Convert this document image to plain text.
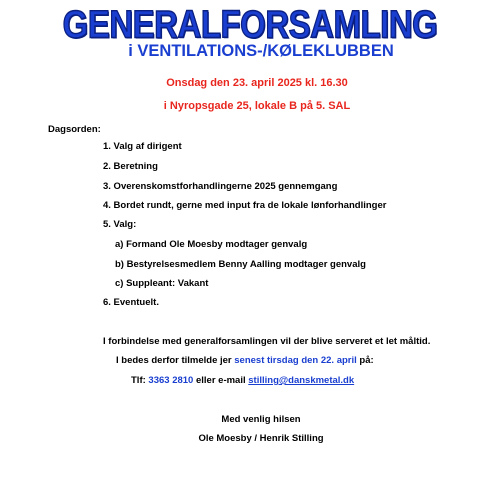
GENERALFORSAMLING
i VENTILATIONS-/KØLEKLUBBEN
Onsdag den 23. april 2025 kl. 16.30
i Nyropsgade 25, lokale B på 5. SAL
Dagsorden:
1. Valg af dirigent
2. Beretning
3. Overenskomstforhandlingerne 2025 gennemgang
4. Bordet rundt, gerne med input fra de lokale lønforhandlinger
5. Valg:
a) Formand Ole Moesby modtager genvalg
b) Bestyrelsesmedlem Benny Aalling modtager genvalg
c) Suppleant: Vakant
6. Eventuelt.
I forbindelse med generalforsamlingen vil der blive serveret et let måltid.
I bedes derfor tilmelde jer senest tirsdag den 22. april på:
Tlf: 3363 2810 eller e-mail stilling@danskmetal.dk
Med venlig hilsen
Ole Moesby / Henrik Stilling
